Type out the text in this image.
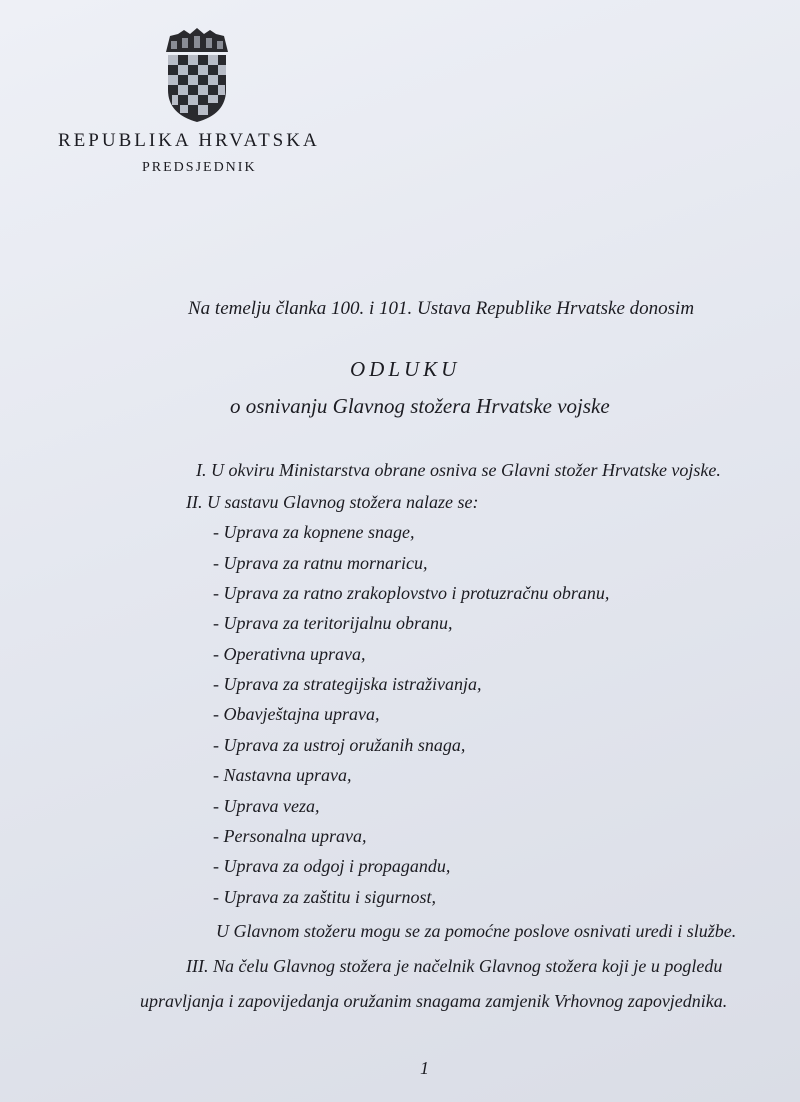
REPUBLIKA HRVATSKA
PREDSJEDNIK
Na temelju članka 100. i 101. Ustava Republike Hrvatske donosim
ODLUKU
o osnivanju Glavnog stožera Hrvatske vojske
I. U okviru Ministarstva obrane osniva se Glavni stožer Hrvatske vojske.
II. U sastavu Glavnog stožera nalaze se:
- Uprava za kopnene snage,
- Uprava za ratnu mornaricu,
- Uprava za ratno zrakoplovstvo i protuzračnu obranu,
- Uprava za teritorijalnu obranu,
- Operativna uprava,
- Uprava za strategijska istraživanja,
- Obavještajna uprava,
- Uprava za ustroj oružanih snaga,
- Nastavna uprava,
- Uprava veza,
- Personalna uprava,
- Uprava za odgoj i propagandu,
- Uprava za zaštitu i sigurnost,
U Glavnom stožeru mogu se za pomoćne poslove osnivati uredi i službe.
III. Na čelu Glavnog stožera je načelnik Glavnog stožera koji je u pogledu
upravljanja i zapovijedanja oružanim snagama zamjenik Vrhovnog zapovjednika.
1
